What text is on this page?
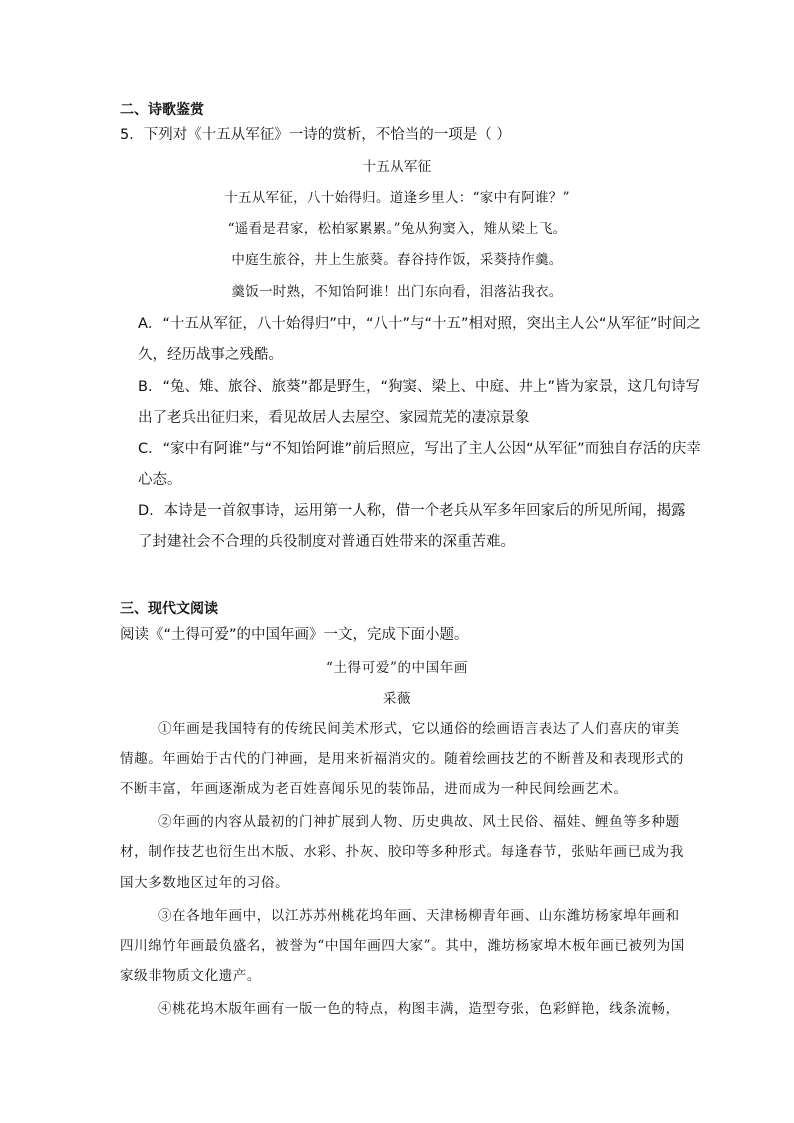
二、诗歌鉴赏
5．下列对《十五从军征》一诗的赏析，不恰当的一项是（ ）
十五从军征
十五从军征，八十始得归。道逢乡里人：“家中有阿谁？”
“遥看是君家，松柏冢累累。”兔从狗窦入，雉从梁上飞。
中庭生旅谷，井上生旅葵。舂谷持作饭，采葵持作羹。
羹饭一时熟，不知饴阿谁！出门东向看，泪落沾我衣。
A．“十五从军征，八十始得归”中，“八十”与“十五”相对照，突出主人公“从军征”时间之
久，经历战事之残酷。
B．“兔、雉、旅谷、旅葵”都是野生，“狗窦、梁上、中庭、井上”皆为家景，这几句诗写
出了老兵出征归来，看见故居人去屋空、家园荒芜的凄凉景象
C．“家中有阿谁”与“不知饴阿谁”前后照应，写出了主人公因“从军征”而独自存活的庆幸
心态。
D．本诗是一首叙事诗，运用第一人称，借一个老兵从军多年回家后的所见所闻，揭露
了封建社会不合理的兵役制度对普通百姓带来的深重苦难。
三、现代文阅读
阅读《“土得可爱”的中国年画》一文，完成下面小题。
“土得可爱”的中国年画
采薇
①年画是我国特有的传统民间美术形式，它以通俗的绘画语言表达了人们喜庆的审美
情趣。年画始于古代的门神画，是用来祈福消灾的。随着绘画技艺的不断普及和表现形式的
不断丰富，年画逐渐成为老百姓喜闻乐见的装饰品，进而成为一种民间绘画艺术。
②年画的内容从最初的门神扩展到人物、历史典故、风土民俗、福娃、鲤鱼等多种题
材，制作技艺也衍生出木版、水彩、扑灰、胶印等多种形式。每逢春节，张贴年画已成为我
国大多数地区过年的习俗。
③在各地年画中，以江苏苏州桃花坞年画、天津杨柳青年画、山东潍坊杨家埠年画和
四川绵竹年画最负盛名，被誉为“中国年画四大家”。其中，潍坊杨家埠木板年画已被列为国
家级非物质文化遗产。
④桃花坞木版年画有一版一色的特点，构图丰满，造型夸张，色彩鲜艳，线条流畅，
